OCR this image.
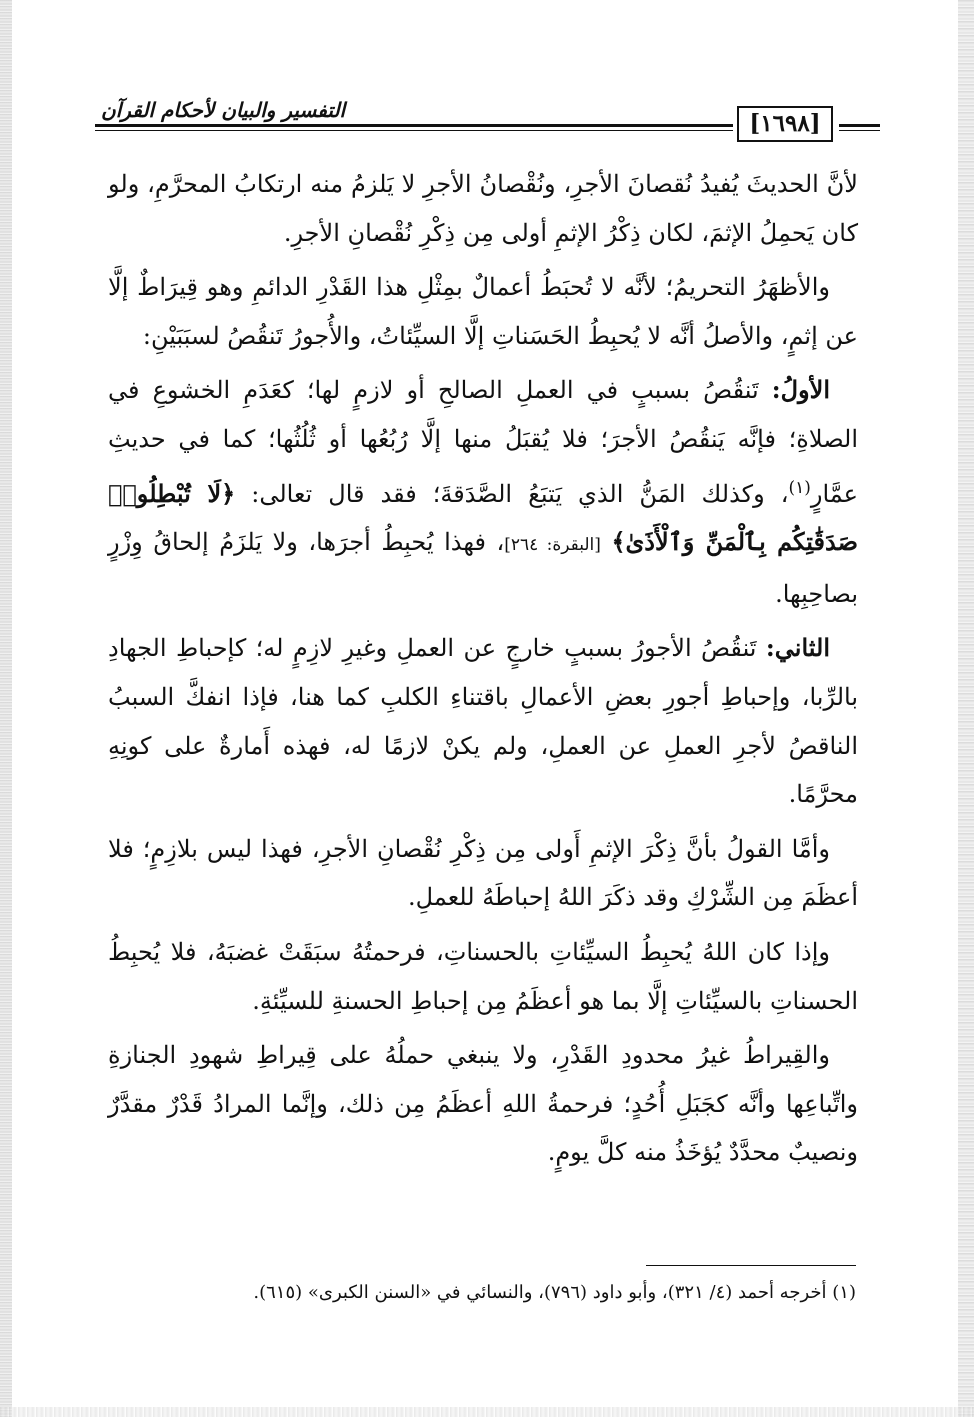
التفسير والبيان لأحكام القرآن	[١٦٩٨]

لأنَّ الحديثَ يُفيدُ نُقصانَ الأجرِ، ونُقْصانُ الأجرِ لا يَلزمُ منه ارتكابُ المحرَّمِ، ولو كان يَحمِلُ الإثمَ، لكان ذِكْرُ الإثمِ أولى مِن ذِكْرِ نُقْصانِ الأجرِ.

والأظهَرُ التحريمُ؛ لأنَّه لا تُحبَطُ أعمالٌ بمِثْلِ هذا القَدْرِ الدائمِ وهو قِيرَاطٌ إلَّا عن إثمٍ، والأصلُ أنَّه لا يُحبِطُ الحَسَناتِ إلَّا السيِّئاتُ، والأُجورُ تَنقُصُ لسبَبَيْنِ:

الأولُ: تَنقُصُ بسببٍ في العملِ الصالحِ أو لازمٍ لها؛ كعَدَمِ الخشوعِ في الصلاةِ؛ فإنَّه يَنقُصُ الأجرَ؛ فلا يُقبَلُ منها إلَّا رُبُعُها أو ثُلُثُها؛ كما في حديثِ عمَّارٍ$^{(١)}$، وكذلك المَنُّ الذي يَتبَعُ الصَّدَقةَ؛ فقد قال تعالى: ﴿لَا تُبْطِلُوا۟ صَدَقَٰتِكُم بِٱلْمَنِّ وَٱلْأَذَىٰ﴾ [البقرة: ٢٦٤]، فهذا يُحبِطُ أجرَها، ولا يَلزَمُ إلحاقُ وِزْرٍ بصاحِبِها.

الثاني: تَنقُصُ الأجورُ بسببٍ خارجٍ عن العملِ وغيرِ لازِمٍ له؛ كإحباطِ الجهادِ بالرِّبا، وإحباطِ أجورِ بعضِ الأعمالِ باقتناءِ الكلبِ كما هنا، فإذا انفكَّ السببُ الناقصُ لأجرِ العملِ عن العملِ، ولم يكنْ لازمًا له، فهذه أَمارةٌ على كونِهِ محرَّمًا.

وأمَّا القولُ بأنَّ ذِكْرَ الإثمِ أَولى مِن ذِكْرِ نُقْصانِ الأجرِ، فهذا ليس بلازِمٍ؛ فلا أعظَمَ مِن الشِّرْكِ وقد ذكَرَ اللهُ إحباطَهُ للعملِ.

وإذا كان اللهُ يُحبِطُ السيِّئاتِ بالحسناتِ، فرحمتُهُ سبَقَتْ غضبَهُ، فلا يُحبِطُ الحسناتِ بالسيِّئاتِ إلَّا بما هو أعظَمُ مِن إحباطِ الحسنةِ للسيِّئةِ.

والقِيراطُ غيرُ محدودِ القَدْرِ، ولا ينبغي حملُهُ على قِيراطِ شهودِ الجنازةِ واتِّباعِها وأنَّه كجَبَلِ أُحُدٍ؛ فرحمةُ اللهِ أعظَمُ مِن ذلك، وإنَّما المرادُ قَدْرٌ مقدَّرٌ ونصيبٌ محدَّدٌ يُؤخَذُ منه كلَّ يومٍ.

(١) أخرجه أحمد (٤/ ٣٢١)، وأبو داود (٧٩٦)، والنسائي في «السنن الكبرى» (٦١٥).
